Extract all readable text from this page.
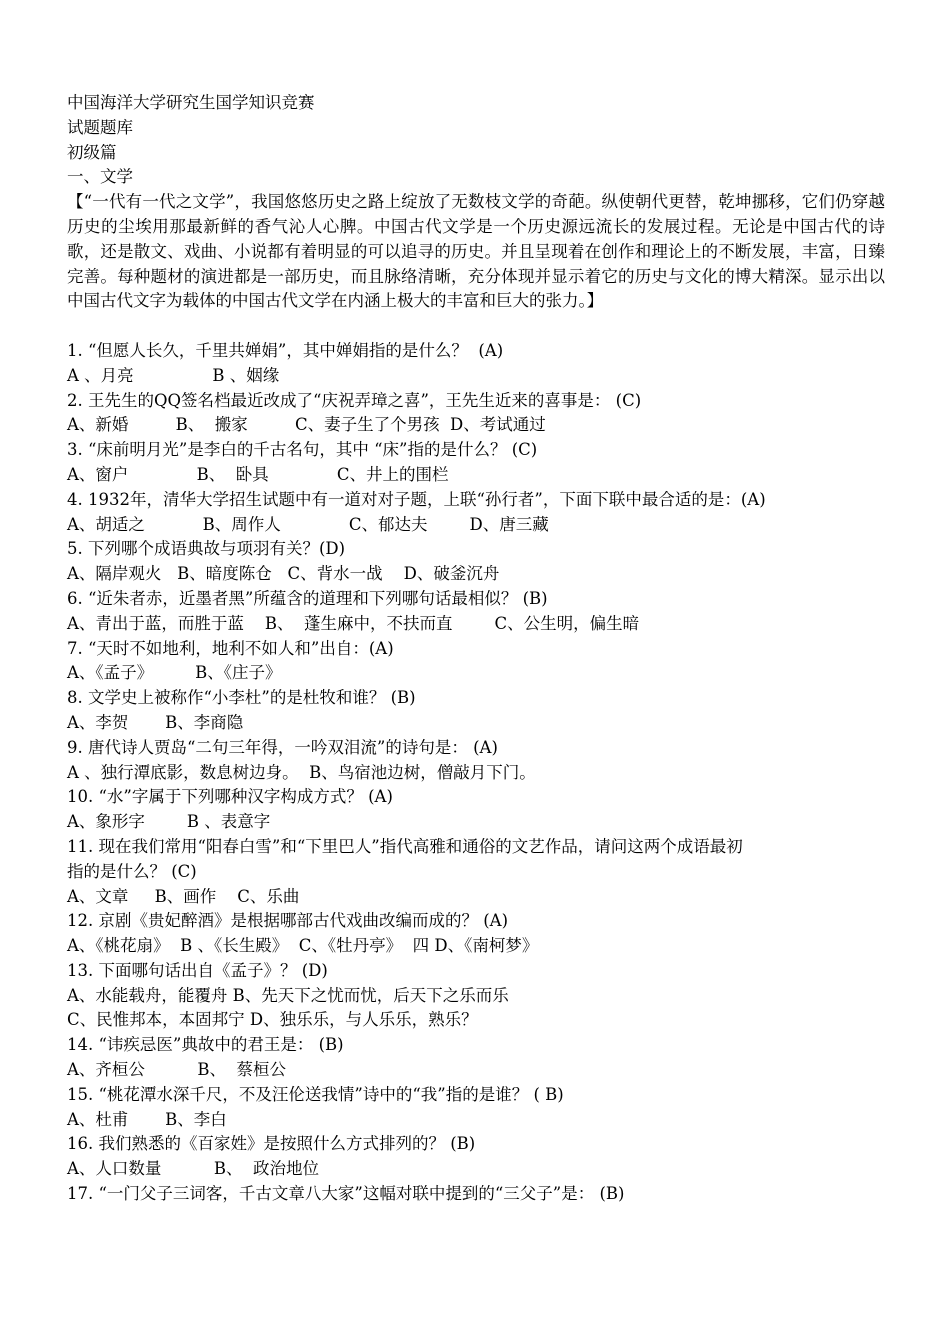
中国海洋大学研究生国学知识竞赛
试题题库
初级篇
一、文学
【“一代有一代之文学”，我国悠悠历史之路上绽放了无数枝文学的奇葩。纵使朝代更替，乾坤挪移，它们仍穿越历史的尘埃用那最新鲜的香气沁人心脾。中国古代文学是一个历史源远流长的发展过程。无论是中国古代的诗歌，还是散文、戏曲、小说都有着明显的可以追寻的历史。并且呈现着在创作和理论上的不断发展，丰富，日臻完善。每种题材的演进都是一部历史，而且脉络清晰，充分体现并显示着它的历史与文化的博大精深。显示出以中国古代文字为载体的中国古代文学在内涵上极大的丰富和巨大的张力。】
1. “但愿人长久，千里共婵娟”，其中婵娟指的是什么？  (A)
A 、月亮               B 、姻缘
2. 王先生的QQ签名档最近改成了“庆祝弄璋之喜”，王先生近来的喜事是： (C)
A、新婚         B、  搬家         C、妻子生了个男孩  D、考试通过
3. “床前明月光”是李白的千古名句，其中 “床”指的是什么？ (C)
A、窗户             B、  卧具             C、井上的围栏
4. 1932年，清华大学招生试题中有一道对对子题，上联“孙行者”，下面下联中最合适的是：(A)
A、胡适之           B、周作人             C、郁达夫        D、唐三藏
5. 下列哪个成语典故与项羽有关？(D)
A、隔岸观火   B、暗度陈仓   C、背水一战    D、破釜沉舟
6. “近朱者赤，近墨者黑”所蕴含的道理和下列哪句话最相似？ (B)
A、青出于蓝，而胜于蓝    B、  蓬生麻中，不扶而直        C、公生明，偏生暗
7. “天时不如地利，地利不如人和”出自：(A)
A、《孟子》        B、《庄子》
8. 文学史上被称作“小李杜”的是杜牧和谁？ (B)
A、李贺       B、李商隐
9. 唐代诗人贾岛“二句三年得，一吟双泪流”的诗句是： (A)
A 、独行潭底影，数息树边身。  B、鸟宿池边树，僧敲月下门。
10. “水”字属于下列哪种汉字构成方式？ (A)
A、象形字        B 、表意字
11. 现在我们常用“阳春白雪”和“下里巴人”指代高雅和通俗的文艺作品，请问这两个成语最初
指的是什么？ (C)
A、文章     B、画作    C、乐曲
12. 京剧《贵妃醉酒》是根据哪部古代戏曲改编而成的？ (A)
A、《桃花扇》  B 、《长生殿》  C、《牡丹亭》  四 D、《南柯梦》
13. 下面哪句话出自《孟子》？ (D)
A、水能载舟，能覆舟 B、先天下之忧而忧，后天下之乐而乐
C、民惟邦本，本固邦宁 D、独乐乐，与人乐乐，熟乐？
14. “讳疾忌医”典故中的君王是： (B)
A、齐桓公          B、  蔡桓公
15. “桃花潭水深千尺，不及汪伦送我情”诗中的“我”指的是谁？ ( B)
A、杜甫       B、李白
16. 我们熟悉的《百家姓》是按照什么方式排列的？ (B)
A、人口数量          B、  政治地位
17. “一门父子三词客，千古文章八大家”这幅对联中提到的“三父子”是： (B)
